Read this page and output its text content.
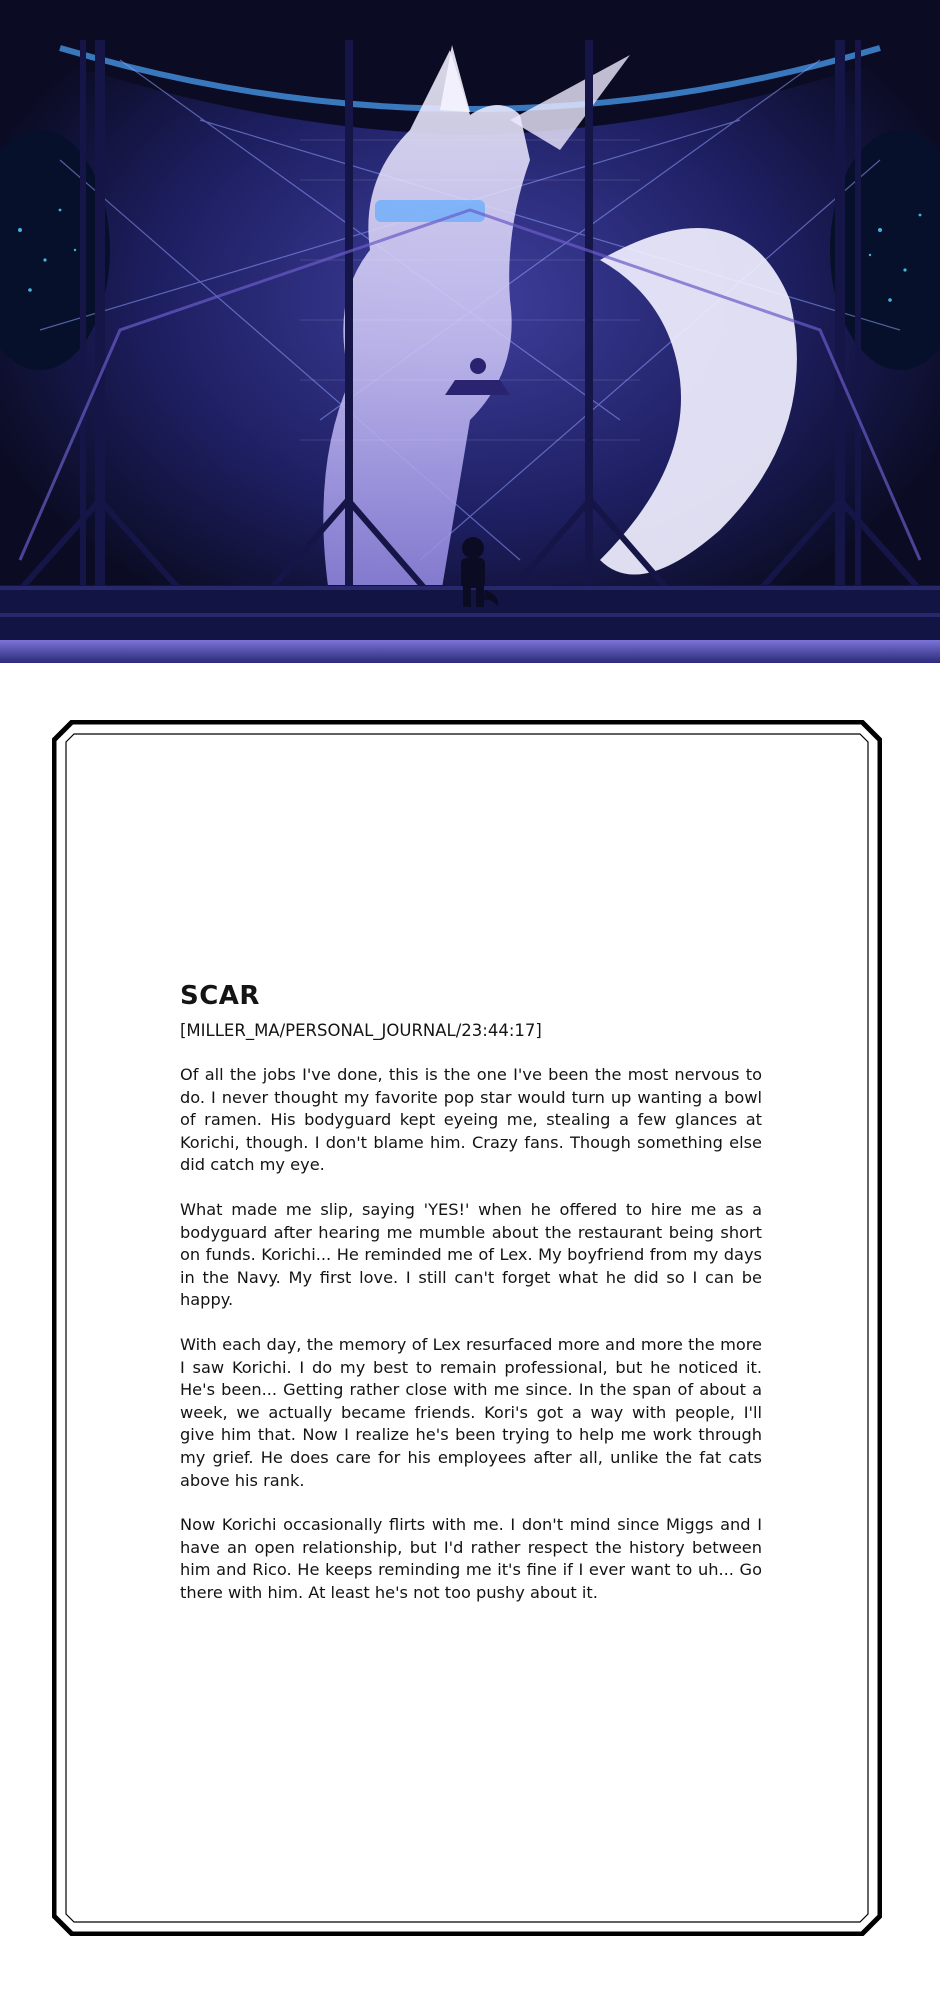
SCAR
[MILLER_MA/PERSONAL_JOURNAL/23:44:17]

Of all the jobs I've done, this is the one I've been the most nervous to do. I never thought my favorite pop star would turn up wanting a bowl of ramen. His bodyguard kept eyeing me, stealing a few glances at Korichi, though. I don't blame him. Crazy fans. Though something else did catch my eye.

What made me slip, saying 'YES!' when he offered to hire me as a bodyguard after hearing me mumble about the restaurant being short on funds. Korichi... He reminded me of Lex. My boyfriend from my days in the Navy. My first love. I still can't forget what he did so I can be happy.

With each day, the memory of Lex resurfaced more and more the more I saw Korichi. I do my best to remain professional, but he noticed it. He's been... Getting rather close with me since. In the span of about a week, we actually became friends. Kori's got a way with people, I'll give him that. Now I realize he's been trying to help me work through my grief. He does care for his employees after all, unlike the fat cats above his rank.

Now Korichi occasionally flirts with me. I don't mind since Miggs and I have an open relationship, but I'd rather respect the history between him and Rico. He keeps reminding me it's fine if I ever want to uh... Go there with him. At least he's not too pushy about it.
